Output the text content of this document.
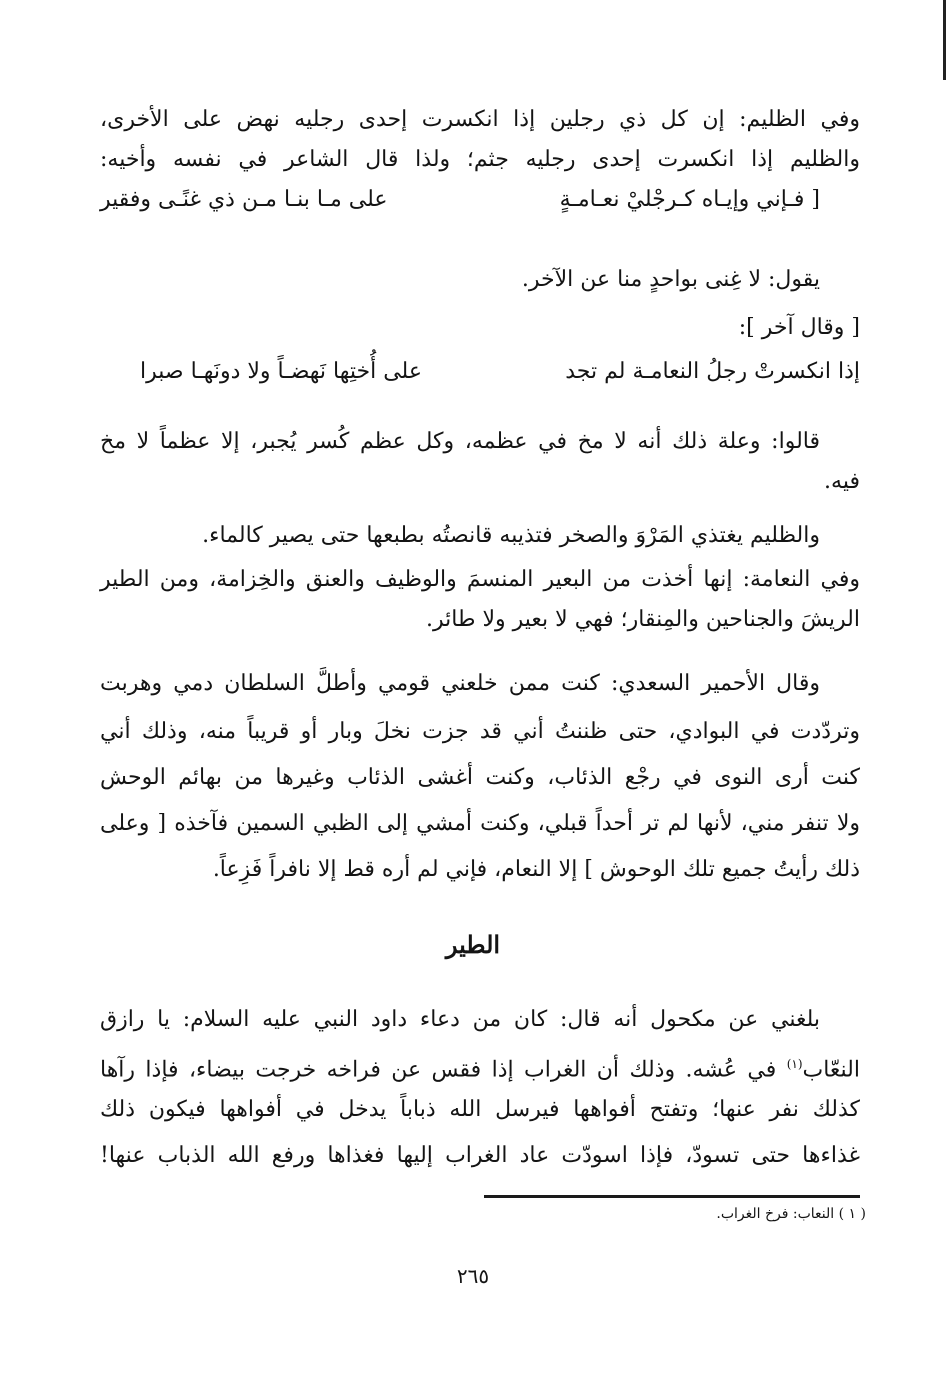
وفي الظليم: إن كل ذي رجلين إذا انكسرت إحدى رجليه نهض على الأخرى،
والظليم إذا انكسرت إحدى رجليه جثم؛ ولذا قال الشاعر في نفسه وأخيه:
[ فـإني وإيـاه كـرجْليْ نعـامـةٍ
على مـا بنـا مـن ذي غنًـى وفقير
يقول: لا غِنى بواحدٍ منا عن الآخر.
[ وقال آخر ]:
إذا انكسرتْ رجلُ النعامـة لم تجد
على أُختِها نَهضـاً ولا دونَهـا صبرا
قالوا: وعلة ذلك أنه لا مخ في عظمه، وكل عظم كُسر يُجبر، إلا عظماً لا مخ
فيه.
والظليم يغتذي المَرْوَ والصخر فتذيبه قانصتُه بطبعها حتى يصير كالماء.
وفي النعامة: إنها أخذت من البعير المنسمَ والوظيف والعنق والخِزامة، ومن الطير
الريشَ والجناحين والمِنقار؛ فهي لا بعير ولا طائر.
وقال الأحمير السعدي: كنت ممن خلعني قومي وأطلَّ السلطان دمي وهربت
وتردّدت في البوادي، حتى ظننتُ أني قد جزت نخلَ وبار أو قريباً منه، وذلك أني
كنت أرى النوى في رجْع الذئاب، وكنت أغشى الذئاب وغيرها من بهائم الوحش
ولا تنفر مني، لأنها لم تر أحداً قبلي، وكنت أمشي إلى الظبي السمين فآخذه [ وعلى
ذلك رأيتُ جميع تلك الوحوش ] إلا النعام، فإني لم أره قط إلا نافراً فَزِعاً.
الطير
بلغني عن مكحول أنه قال: كان من دعاء داود النبي عليه السلام: يا رازق
النعّاب$^{(١)}$ في عُشه. وذلك أن الغراب إذا فقس عن فراخه خرجت بيضاء، فإذا رآها
كذلك نفر عنها؛ وتفتح أفواهها فيرسل الله ذباباً يدخل في أفواهها فيكون ذلك
غذاءها حتى تسودّ، فإذا اسودّت عاد الغراب إليها فغذاها ورفع الله الذباب عنها!
( ١ ) النعاب: فرخ الغراب.
٢٦٥
